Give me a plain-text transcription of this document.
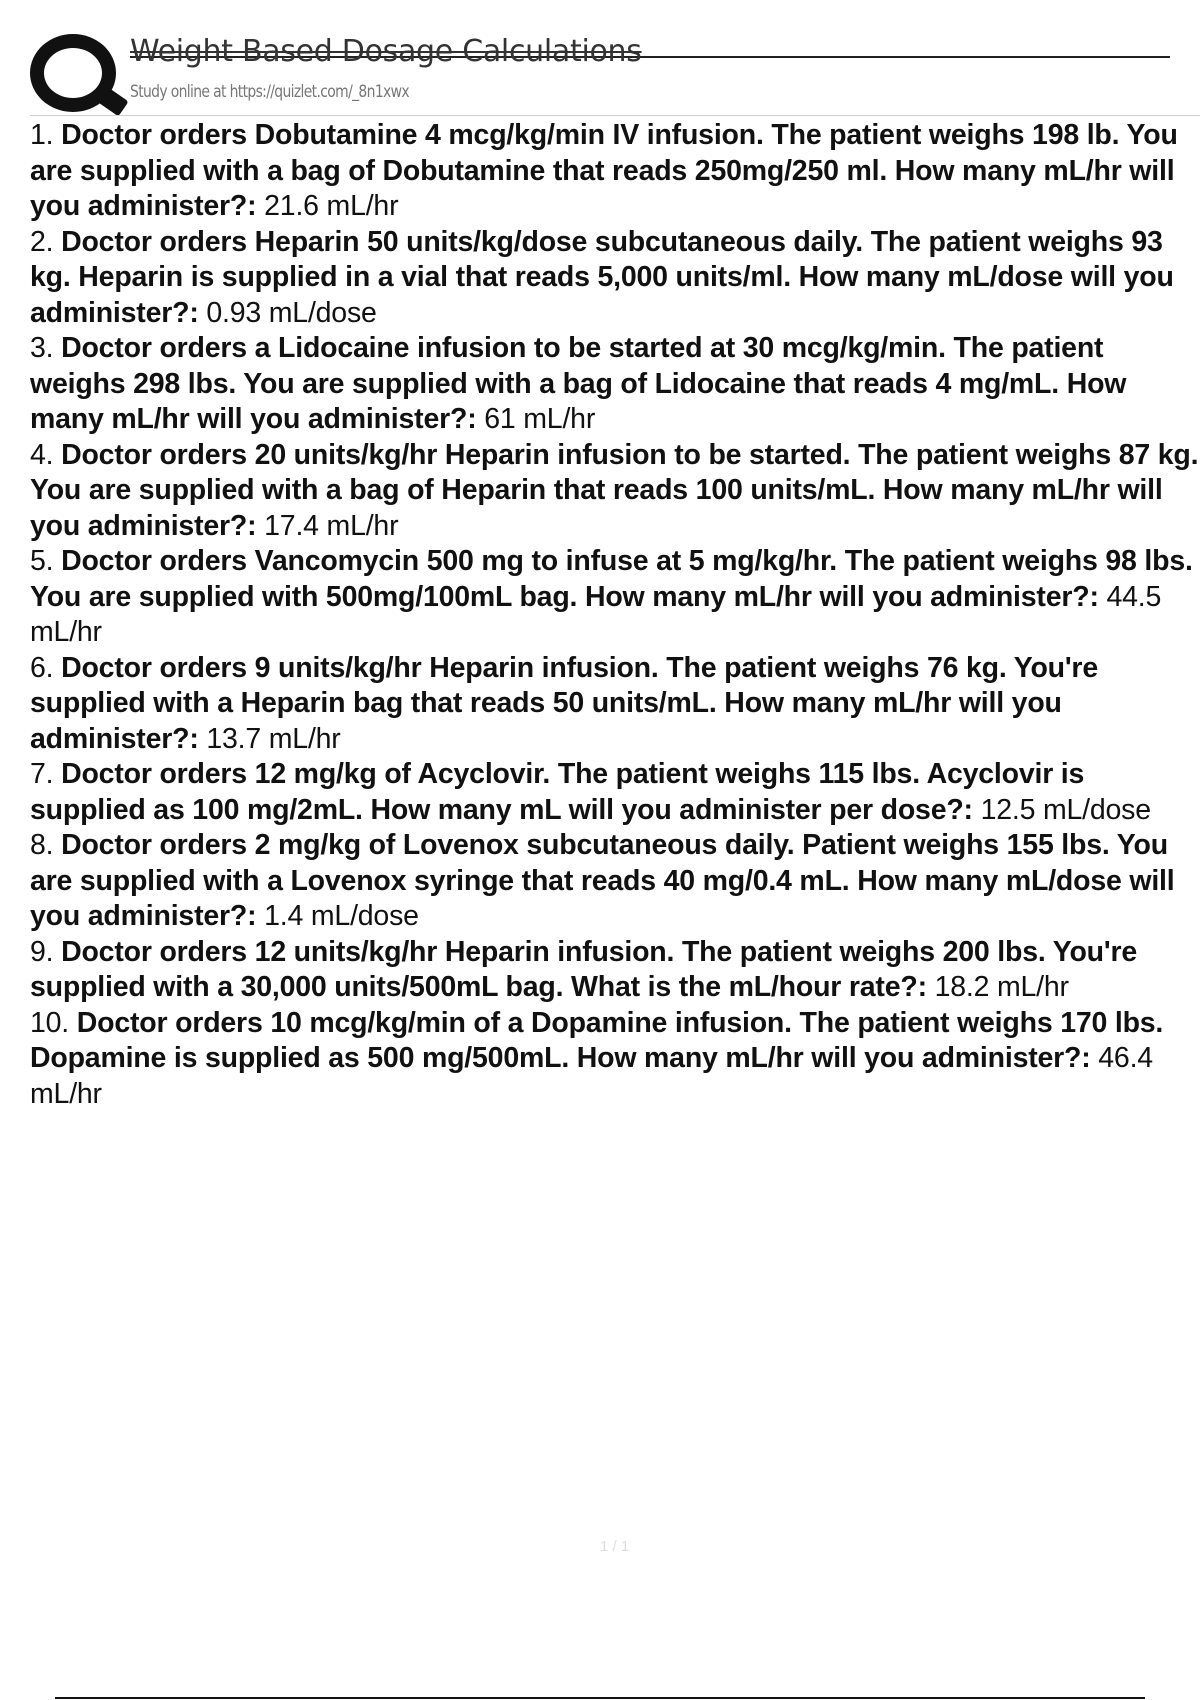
Weight Based Dosage Calculations
Study online at https://quizlet.com/_8n1xwx
1. Doctor orders Dobutamine 4 mcg/kg/min IV infusion. The patient weighs 198 lb. You are supplied with a bag of Dobutamine that reads 250mg/250 ml. How many mL/hr will you administer?: 21.6 mL/hr
2. Doctor orders Heparin 50 units/kg/dose subcutaneous daily. The patient weighs 93 kg. Heparin is supplied in a vial that reads 5,000 units/ml. How many mL/dose will you administer?: 0.93 mL/dose
3. Doctor orders a Lidocaine infusion to be started at 30 mcg/kg/min. The patient weighs 298 lbs. You are supplied with a bag of Lidocaine that reads 4 mg/mL. How many mL/hr will you administer?: 61 mL/hr
4. Doctor orders 20 units/kg/hr Heparin infusion to be started. The patient weighs 87 kg. You are supplied with a bag of Heparin that reads 100 units/mL. How many mL/hr will you administer?: 17.4 mL/hr
5. Doctor orders Vancomycin 500 mg to infuse at 5 mg/kg/hr. The patient weighs 98 lbs. You are supplied with 500mg/100mL bag. How many mL/hr will you administer?: 44.5 mL/hr
6. Doctor orders 9 units/kg/hr Heparin infusion. The patient weighs 76 kg. You're supplied with a Heparin bag that reads 50 units/mL. How many mL/hr will you administer?: 13.7 mL/hr
7. Doctor orders 12 mg/kg of Acyclovir. The patient weighs 115 lbs. Acyclovir is supplied as 100 mg/2mL. How many mL will you administer per dose?: 12.5 mL/dose
8. Doctor orders 2 mg/kg of Lovenox subcutaneous daily. Patient weighs 155 lbs. You are supplied with a Lovenox syringe that reads 40 mg/0.4 mL. How many mL/dose will you administer?: 1.4 mL/dose
9. Doctor orders 12 units/kg/hr Heparin infusion. The patient weighs 200 lbs. You're supplied with a 30,000 units/500mL bag. What is the mL/hour rate?: 18.2 mL/hr
10. Doctor orders 10 mcg/kg/min of a Dopamine infusion. The patient weighs 170 lbs. Dopamine is supplied as 500 mg/500mL. How many mL/hr will you administer?: 46.4 mL/hr
1 / 1
